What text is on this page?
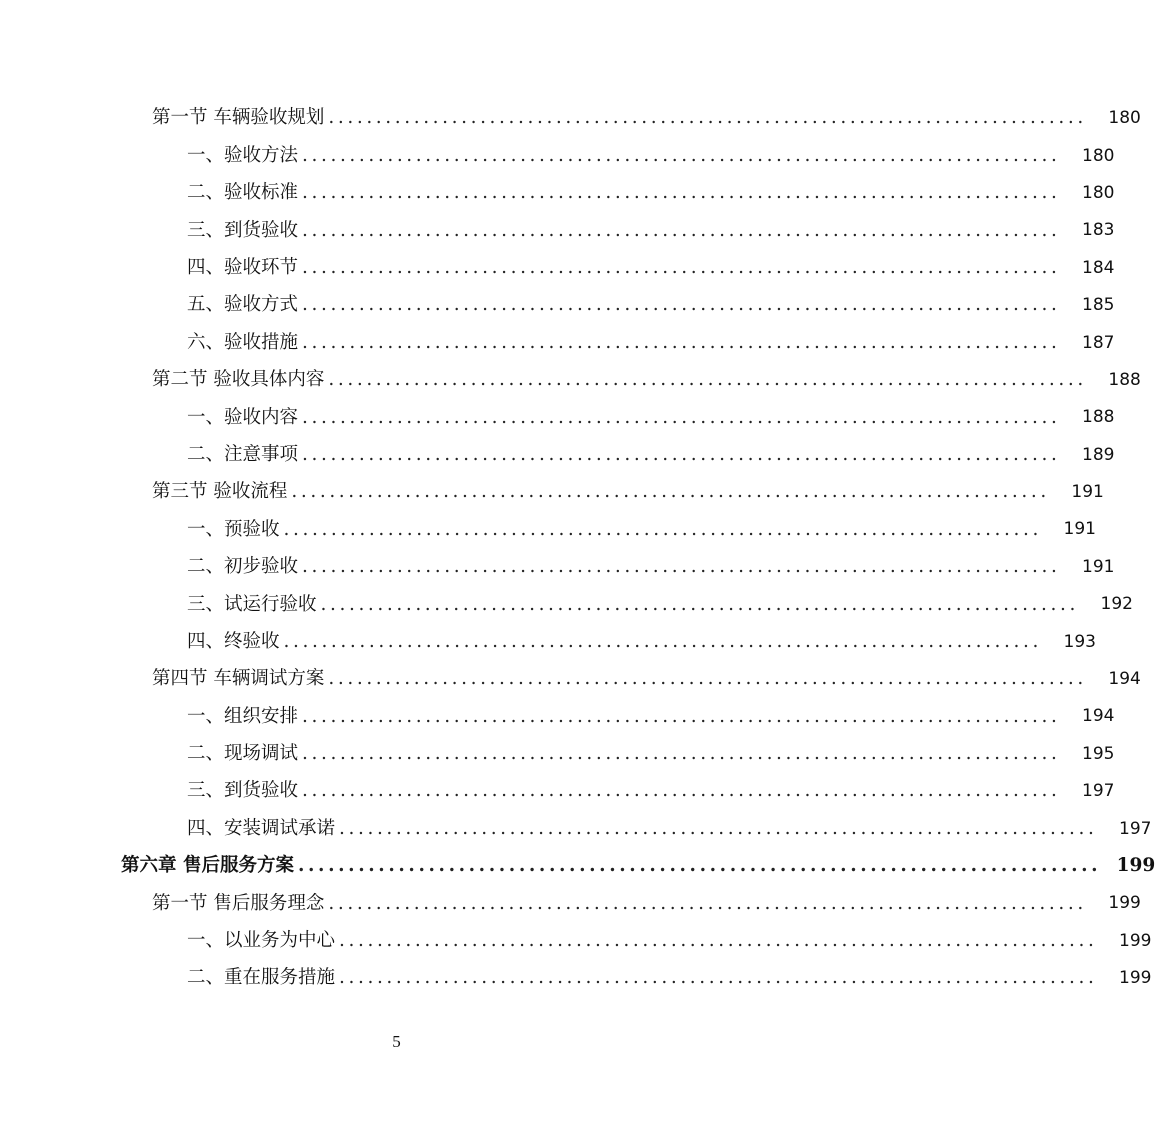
第一节 车辆验收规划 ................................................................................	180
一、验收方法 ................................................................................	180
二、验收标准 ................................................................................	180
三、到货验收 ................................................................................	183
四、验收环节 ................................................................................	184
五、验收方式 ................................................................................	185
六、验收措施 ................................................................................	187
第二节 验收具体内容 ................................................................................	188
一、验收内容 ................................................................................	188
二、注意事项 ................................................................................	189
第三节 验收流程 ................................................................................	191
一、预验收 ................................................................................	191
二、初步验收 ................................................................................	191
三、试运行验收 ................................................................................	192
四、终验收 ................................................................................	193
第四节 车辆调试方案 ................................................................................	194
一、组织安排 ................................................................................	194
二、现场调试 ................................................................................	195
三、到货验收 ................................................................................	197
四、安装调试承诺 ................................................................................	197
第六章 售后服务方案 ................................................................................ 199
第一节 售后服务理念 ................................................................................	199
一、以业务为中心 ................................................................................	199
二、重在服务措施 ................................................................................	199
5
